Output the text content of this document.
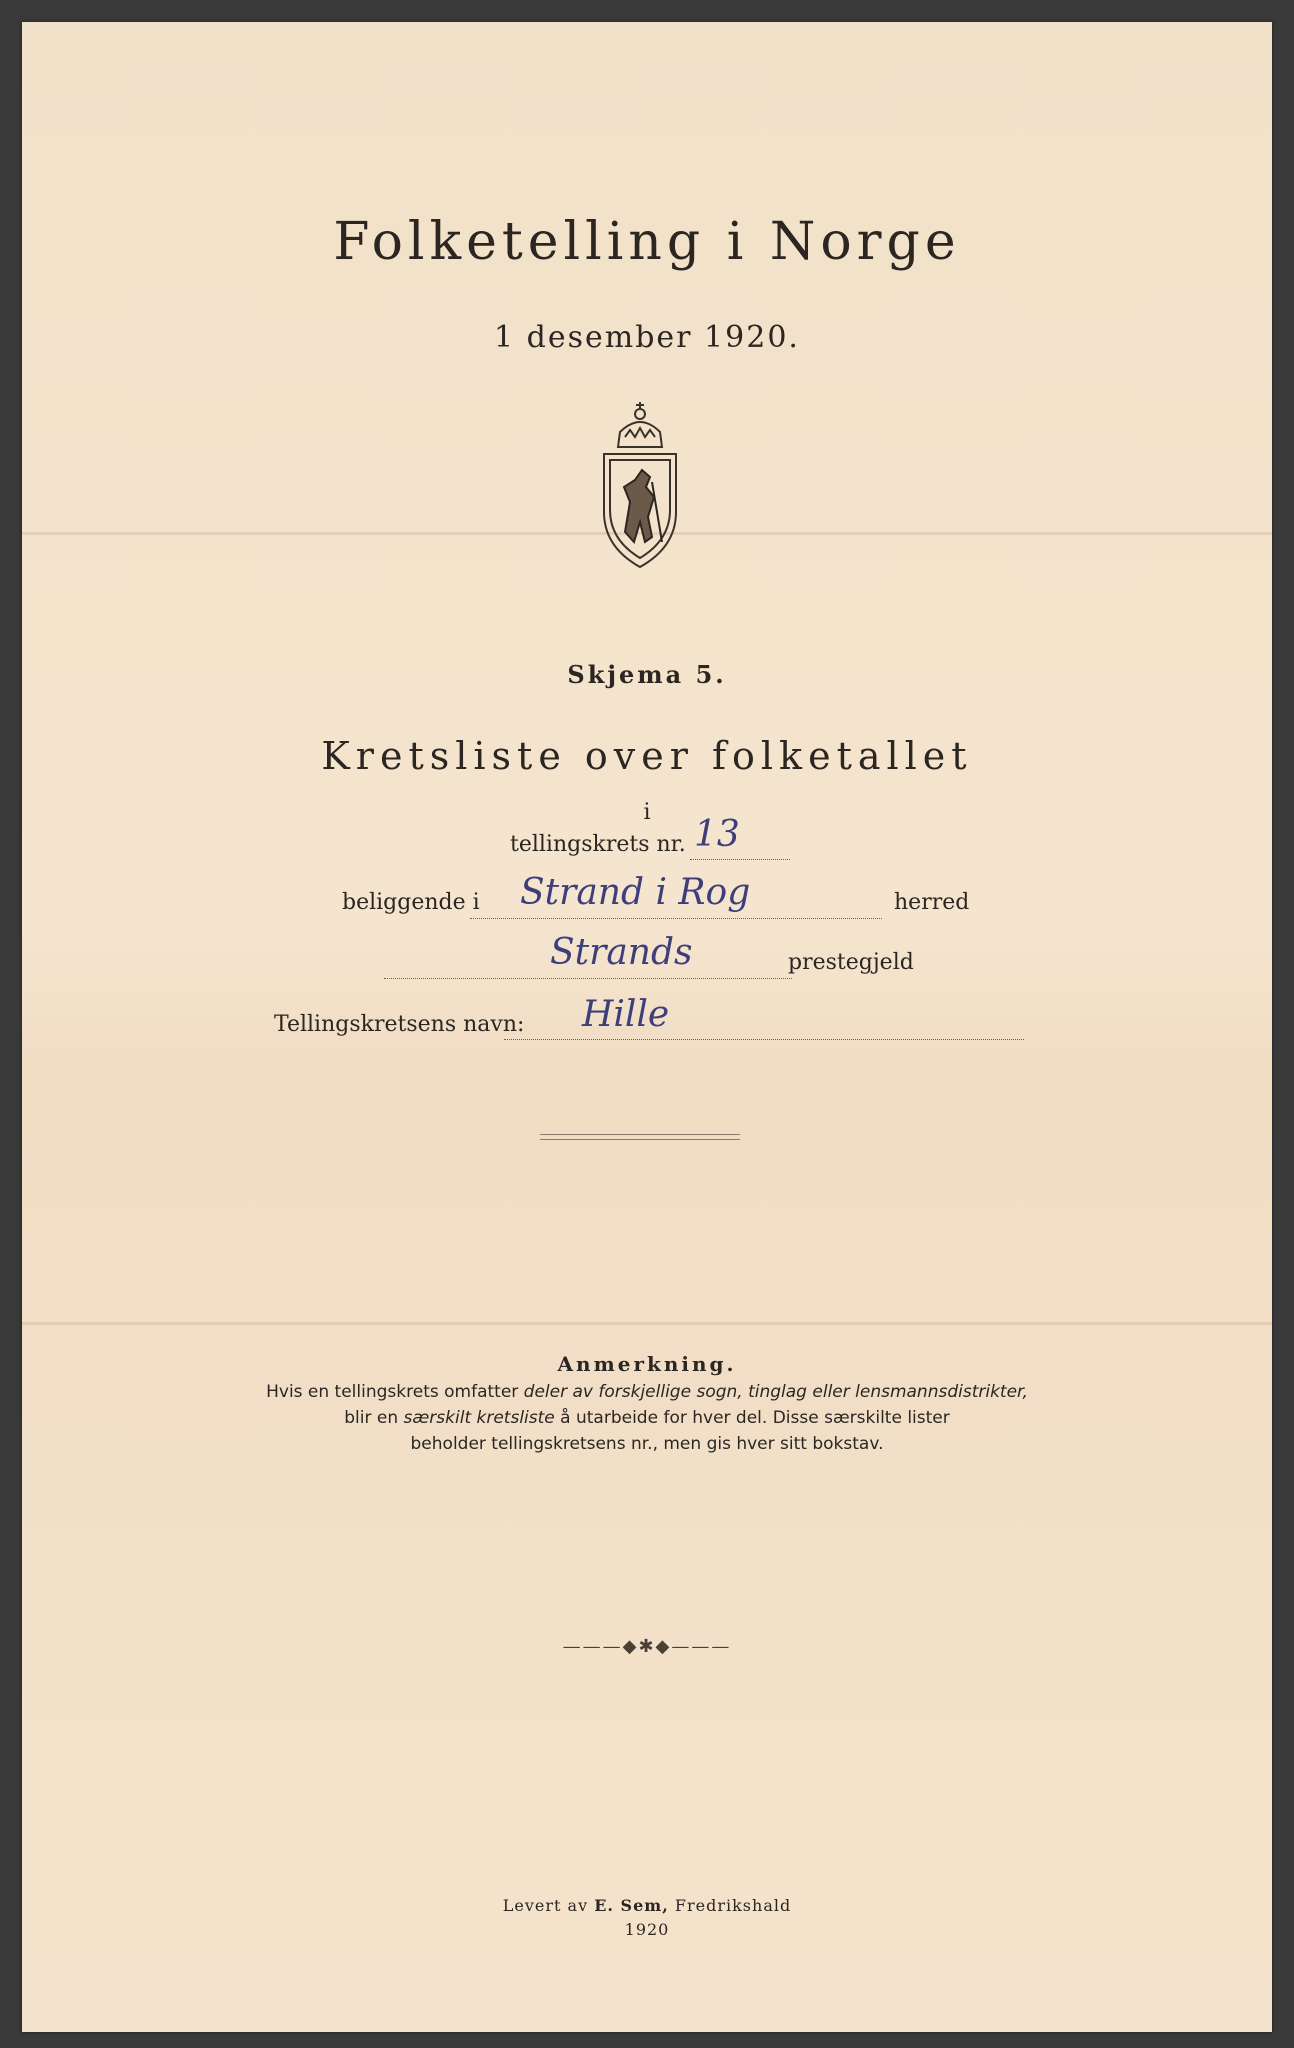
Folketelling i Norge
1 desember 1920.
Skjema 5.
Kretsliste over folketallet
i
tellingskrets nr. 13
beliggende i Strand i Rog	herred
Strands	prestegjeld
Tellingskretsens navn: Hille
Anmerkning.
Hvis en tellingskrets omfatter deler av forskjellige sogn, tinglag eller lensmannsdistrikter,
blir en særskilt kretsliste å utarbeide for hver del. Disse særskilte lister
beholder tellingskretsens nr., men gis hver sitt bokstav.
———◆✱◆———
Levert av E. Sem, Fredrikshald
1920
